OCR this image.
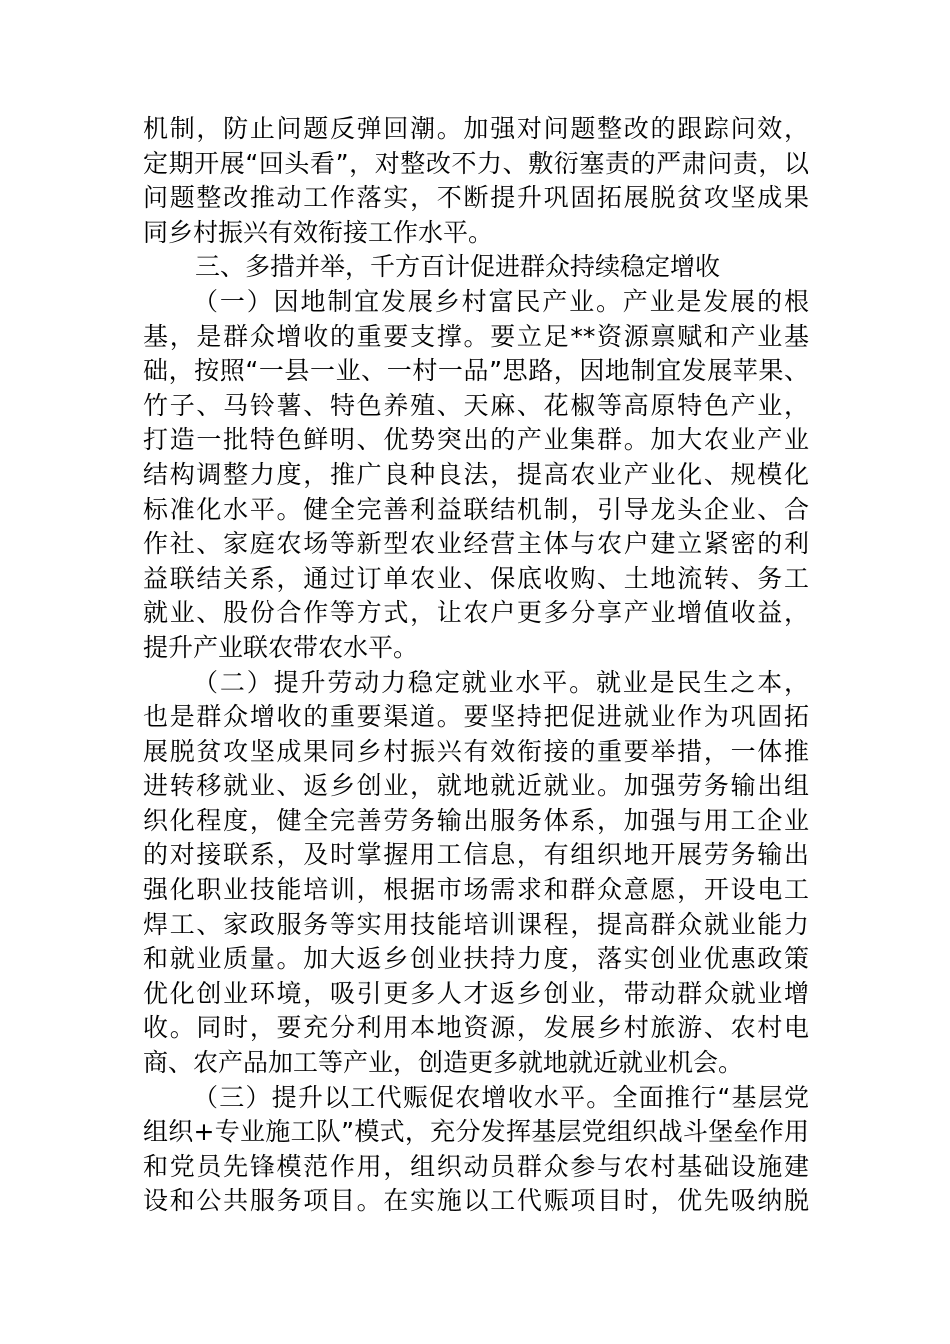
机制，防止问题反弹回潮。加强对问题整改的跟踪问效，
定期开展“回头看”，对整改不力、敷衍塞责的严肃问责，以
问题整改推动工作落实，不断提升巩固拓展脱贫攻坚成果
同乡村振兴有效衔接工作水平。
三、多措并举，千方百计促进群众持续稳定增收
（一）因地制宜发展乡村富民产业。产业是发展的根
基，是群众增收的重要支撑。要立足**资源禀赋和产业基
础，按照“一县一业、一村一品”思路，因地制宜发展苹果、
竹子、马铃薯、特色养殖、天麻、花椒等高原特色产业，
打造一批特色鲜明、优势突出的产业集群。加大农业产业
结构调整力度，推广良种良法，提高农业产业化、规模化
标准化水平。健全完善利益联结机制，引导龙头企业、合
作社、家庭农场等新型农业经营主体与农户建立紧密的利
益联结关系，通过订单农业、保底收购、土地流转、务工
就业、股份合作等方式，让农户更多分享产业增值收益，
提升产业联农带农水平。
（二）提升劳动力稳定就业水平。就业是民生之本，
也是群众增收的重要渠道。要坚持把促进就业作为巩固拓
展脱贫攻坚成果同乡村振兴有效衔接的重要举措，一体推
进转移就业、返乡创业，就地就近就业。加强劳务输出组
织化程度，健全完善劳务输出服务体系，加强与用工企业
的对接联系，及时掌握用工信息，有组织地开展劳务输出
强化职业技能培训，根据市场需求和群众意愿，开设电工
焊工、家政服务等实用技能培训课程，提高群众就业能力
和就业质量。加大返乡创业扶持力度，落实创业优惠政策
优化创业环境，吸引更多人才返乡创业，带动群众就业增
收。同时，要充分利用本地资源，发展乡村旅游、农村电
商、农产品加工等产业，创造更多就地就近就业机会。
（三）提升以工代赈促农增收水平。全面推行“基层党
组织+专业施工队”模式，充分发挥基层党组织战斗堡垒作用
和党员先锋模范作用，组织动员群众参与农村基础设施建
设和公共服务项目。在实施以工代赈项目时，优先吸纳脱
